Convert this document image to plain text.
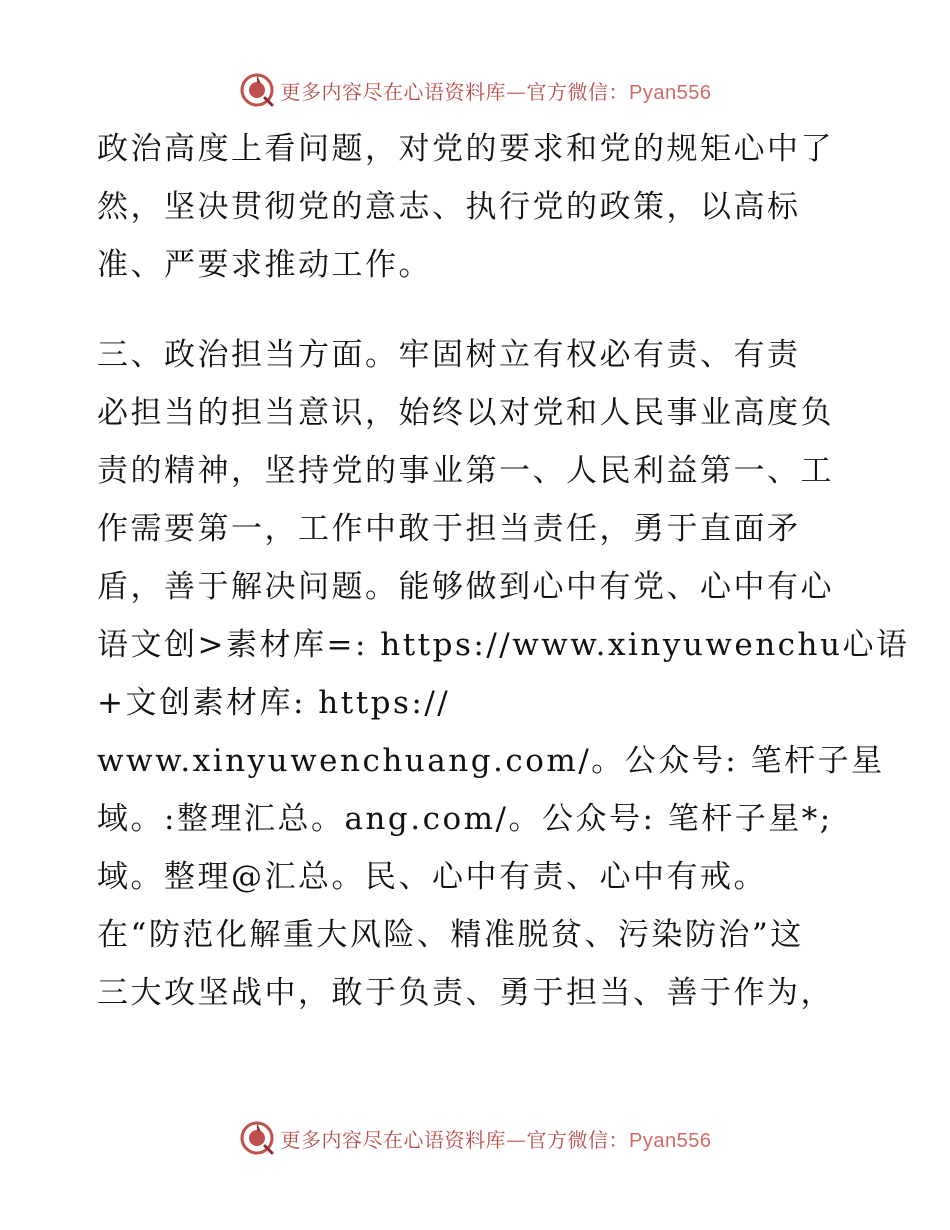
更多内容尽在心语资料库—官方微信：Pyan556
政治高度上看问题，对党的要求和党的规矩心中了
然，坚决贯彻党的意志、执行党的政策，以高标
准、严要求推动工作。
三、政治担当方面。牢固树立有权必有责、有责
必担当的担当意识，始终以对党和人民事业高度负
责的精神，坚持党的事业第一、人民利益第一、工
作需要第一，工作中敢于担当责任，勇于直面矛
盾，善于解决问题。能够做到心中有党、心中有心
语文创>素材库=: https://www.xinyuwenchu心语
+文创素材库: https://
www.xinyuwenchuang.com/。公众号: 笔杆子星
域。:整理汇总。ang.com/。公众号: 笔杆子星*;
域。整理@汇总。民、心中有责、心中有戒。
在“防范化解重大风险、精准脱贫、污染防治”这
三大攻坚战中，敢于负责、勇于担当、善于作为，
更多内容尽在心语资料库—官方微信：Pyan556
